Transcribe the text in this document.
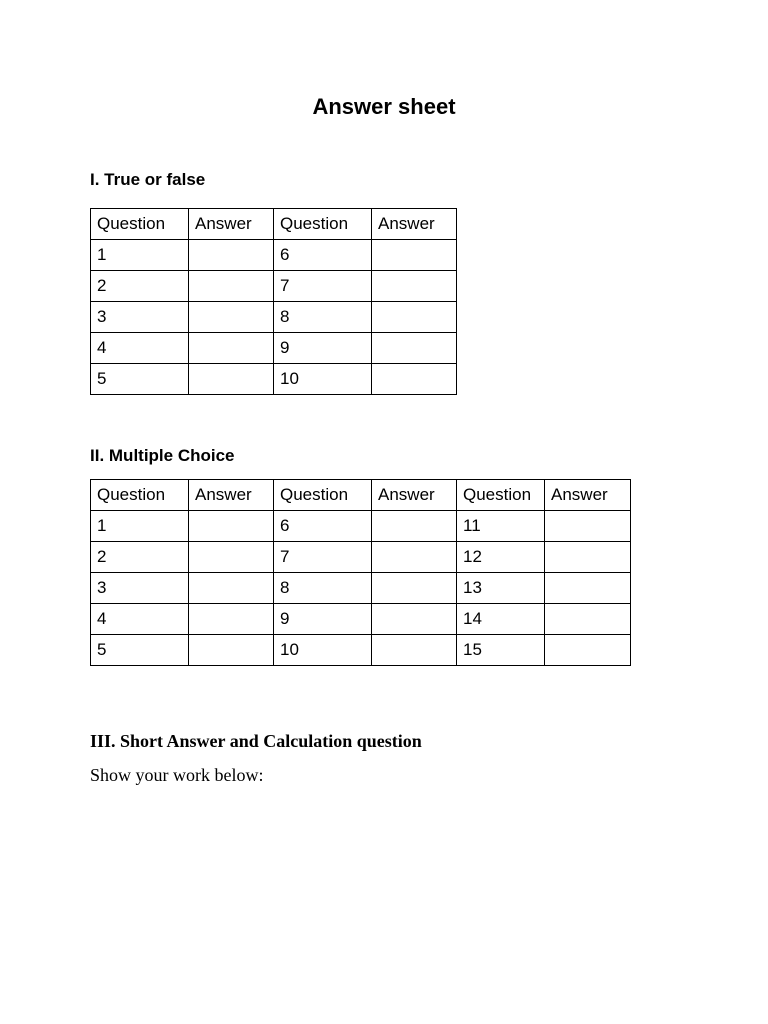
Answer sheet
I. True or false
Question	Answer	Question	Answer
1		6	
2		7	
3		8	
4		9	
5		10	
II. Multiple Choice
Question	Answer	Question	Answer	Question	Answer
1		6		11	
2		7		12	
3		8		13	
4		9		14	
5		10		15	
III. Short Answer and Calculation question
Show your work below:
